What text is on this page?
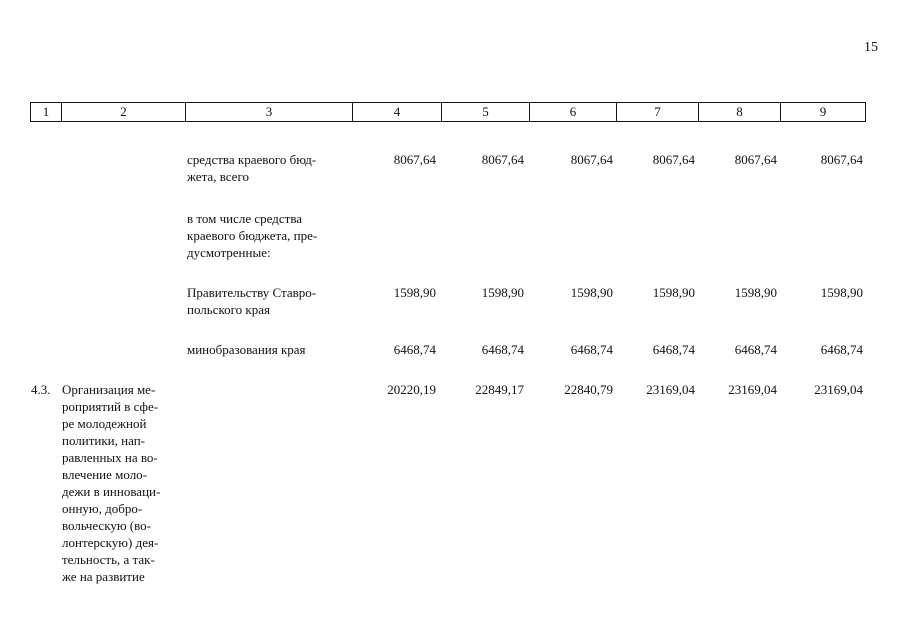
15
1	2	3	4	5	6	7	8	9
средства краевого бюд-
жета, всего
8067,64	8067,64	8067,64	8067,64	8067,64	8067,64
в том числе средства
краевого бюджета, пре-
дусмотренные:
Правительству Ставро-
польского края
1598,90	1598,90	1598,90	1598,90	1598,90	1598,90
минобразования края	6468,74	6468,74	6468,74	6468,74	6468,74	6468,74
4.3. Организация ме-
роприятий в сфе-
ре молодежной
политики, нап-
равленных на во-
влечение моло-
дежи в инноваци-
онную, добро-
вольческую (во-
лонтерскую) дея-
тельность, а так-
же на развитие
20220,19	22849,17	22840,79	23169,04	23169,04	23169,04
